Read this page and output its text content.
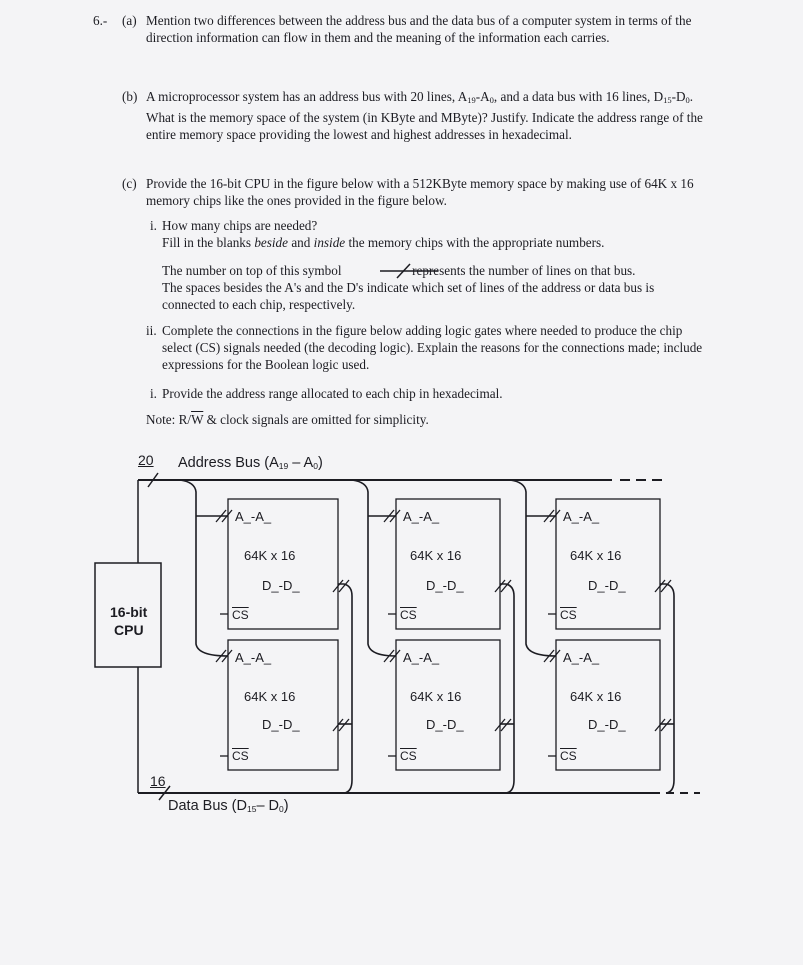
6.- (a) Mention two differences between the address bus and the data bus of a computer system in terms of the direction information can flow in them and the meaning of the information each carries.
(b) A microprocessor system has an address bus with 20 lines, $A_{19}-A_0$, and a data bus with 16 lines, $D_{15}-D_0$. What is the memory space of the system (in KByte and MByte)? Justify. Indicate the address range of the entire memory space providing the lowest and highest addresses in hexadecimal.
(c) Provide the 16-bit CPU in the figure below with a 512KByte memory space by making use of 64K x 16 memory chips like the ones provided in the figure below.
i. How many chips are needed?
Fill in the blanks beside and inside the memory chips with the appropriate numbers.
The number on top of this symbol	represents the number of lines on that bus.
The spaces besides the A's and the D's indicate which set of lines of the address or data bus is connected to each chip, respectively.
ii. Complete the connections in the figure below adding logic gates where needed to produce the chip select (CS) signals needed (the decoding logic). Explain the reasons for the connections made; include expressions for the Boolean logic used.
i. Provide the address range allocated to each chip in hexadecimal.
Note: $R/\overline{W}$ & clock signals are omitted for simplicity.
20 Address Bus $(A_{19} - A_0)$
16-bit
CPU
16
Data Bus ($D_{15}-$ $D_0$)
A_-A_
64K x 16
D_-D_
$\overline{CS}$
A_-A_
64K x 16
D_-D_
$\overline{CS}$
A_-A_
64K x 16
D_-D_
$\overline{CS}$
A_-A_
64K x 16
D_-D_
$\overline{CS}$
A_-A_
64K x 16
D_-D_
$\overline{CS}$
A_-A_
64K x 16
D_-D_
$\overline{CS}$
